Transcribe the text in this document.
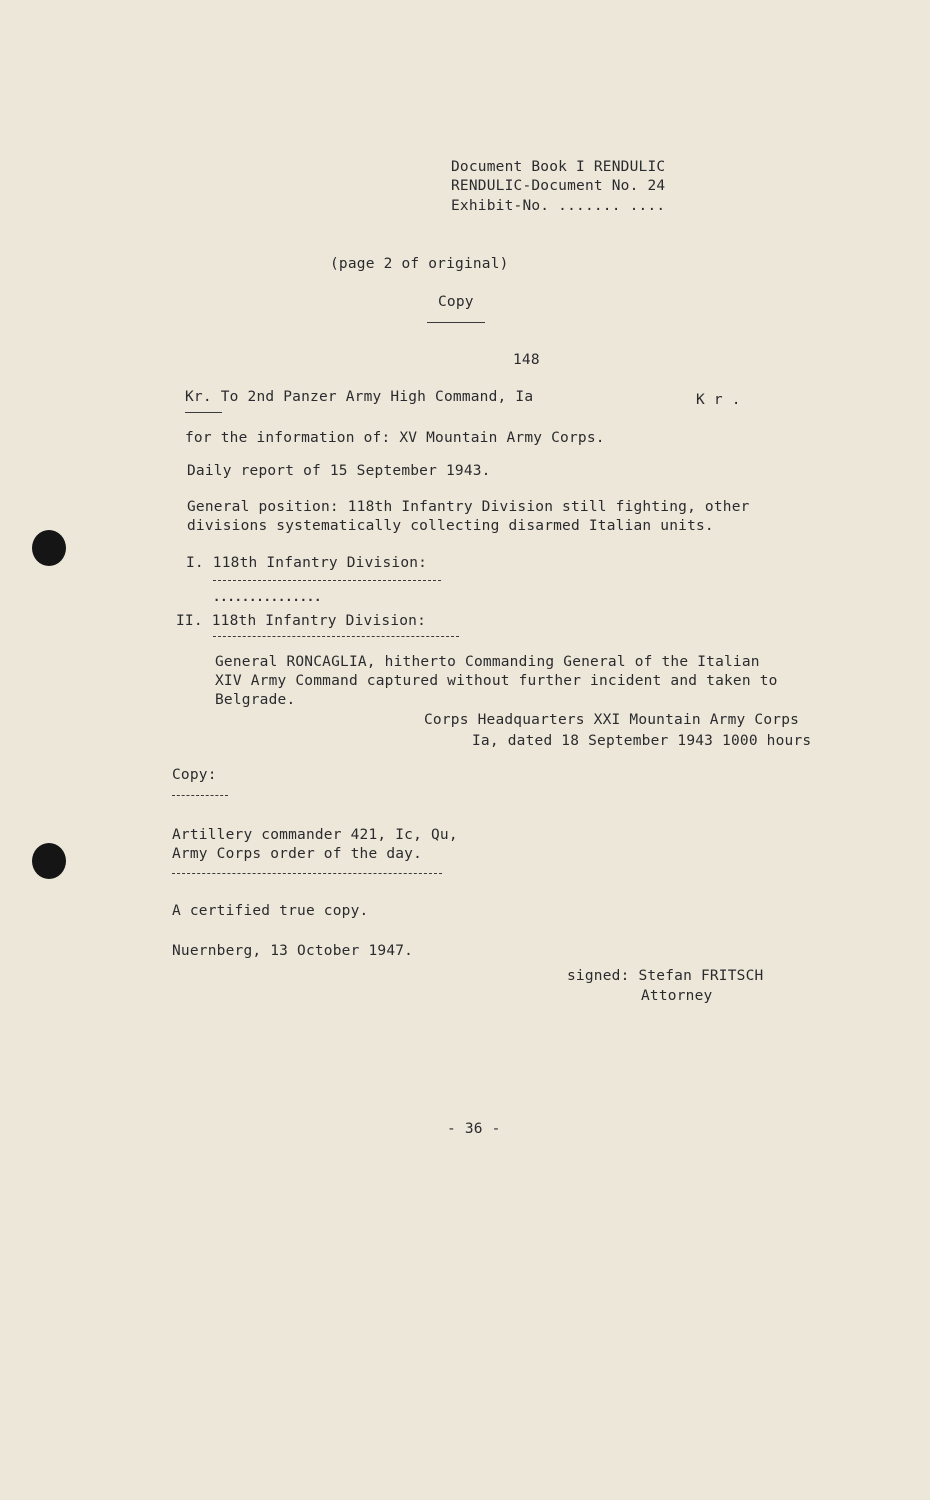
Document Book I RENDULIC
RENDULIC-Document No. 24
Exhibit-No. ....... ....
(page 2 of original)
Copy
148
Kr. To 2nd Panzer Army High Command, Ia	K r .
for the information of: XV Mountain Army Corps.
Daily report of 15 September 1943.
General position: 118th Infantry Division still fighting, other
divisions systematically collecting disarmed Italian units.
I. 118th Infantry Division:
...............
II. 118th Infantry Division:
General RONCAGLIA, hitherto Commanding General of the Italian
XIV Army Command captured without further incident and taken to
Belgrade.
Corps Headquarters XXI Mountain Army Corps
Ia, dated 18 September 1943 1000 hours
Copy:
Artillery commander 421, Ic, Qu,
Army Corps order of the day.
A certified true copy.
Nuernberg, 13 October 1947.
signed: Stefan FRITSCH
Attorney
- 36 -
